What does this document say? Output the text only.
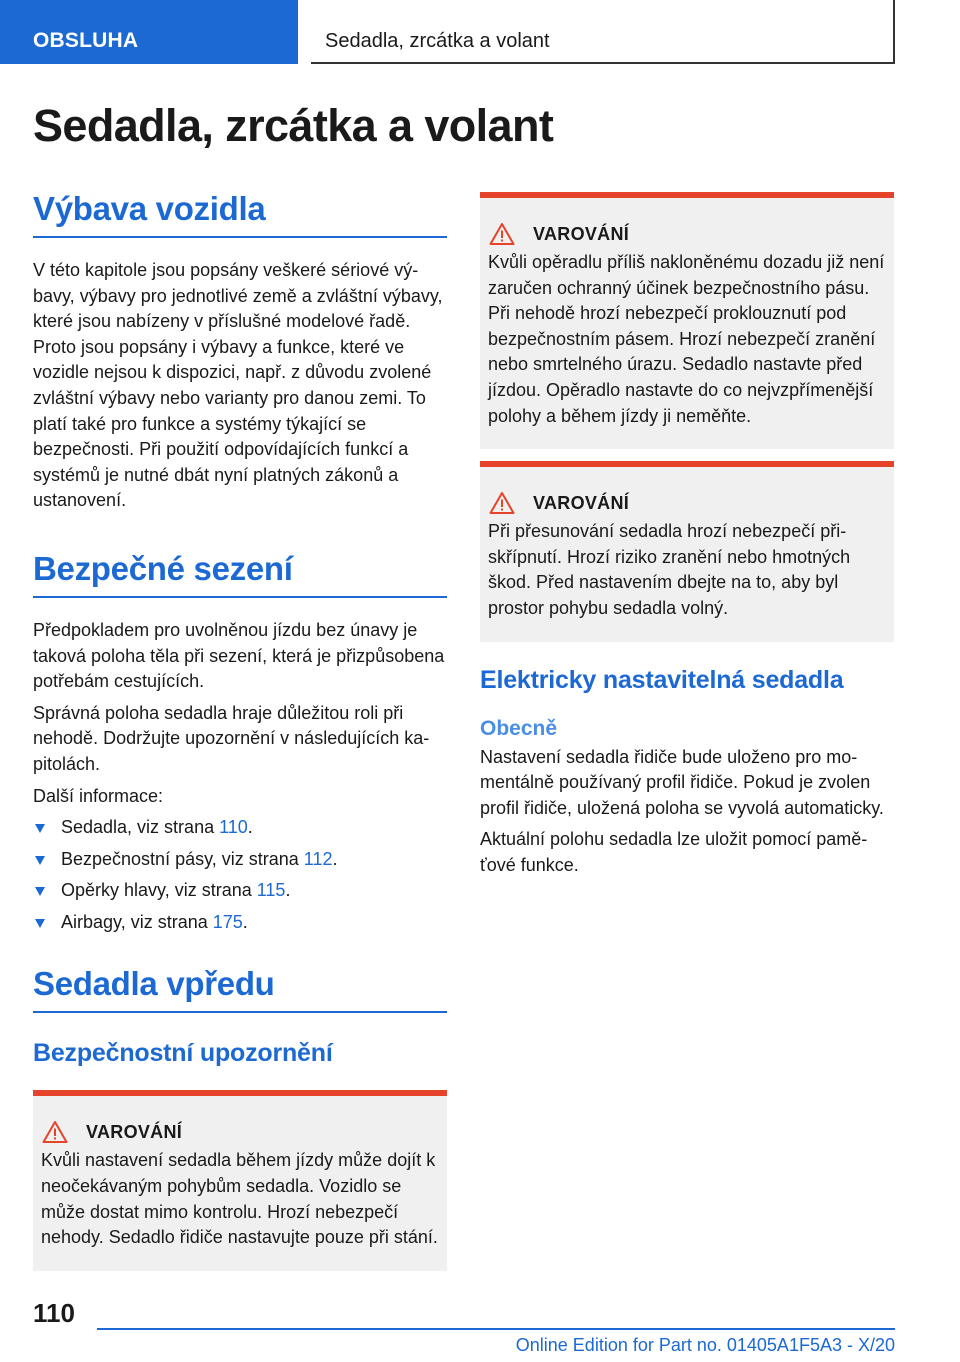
OBSLUHA	Sedadla, zrcátka a volant
Sedadla, zrcátka a volant
Výbava vozidla

V této kapitole jsou popsány veškeré sériové výbavy, výbavy pro jednotlivé země a zvláštní výbavy, které jsou nabízeny v příslušné modelové řadě. Proto jsou popsány i výbavy a funkce, které ve vozidle nejsou k dispozici, např. z důvodu zvolené zvláštní výbavy nebo varianty pro danou zemi. To platí také pro funkce a systémy týkající se bezpečnosti. Při použití odpovídajících funkcí a systémů je nutné dbát nyní platných zákonů a ustanovení.

Bezpečné sezení

Předpokladem pro uvolněnou jízdu bez únavy je taková poloha těla při sezení, která je přizpůsobena potřebám cestujících.

Správná poloha sedadla hraje důležitou roli při nehodě. Dodržujte upozornění v následujících kapitolách.

Další informace:

Sedadla, viz strana 110.
Bezpečnostní pásy, viz strana 112.
Opěrky hlavy, viz strana 115.
Airbagy, viz strana 175.
Sedadla vpředu
Bezpečnostní upozornění
VAROVÁNÍ

Kvůli nastavení sedadla během jízdy může dojít k neočekávaným pohybům sedadla. Vozidlo se může dostat mimo kontrolu. Hrozí nebezpečí nehody. Sedadlo řidiče nastavujte pouze při stání.

VAROVÁNÍ

Kvůli opěradlu příliš nakloněnému dozadu již není zaručen ochranný účinek bezpečnostního pásu. Při nehodě hrozí nebezpečí proklouznutí pod bezpečnostním pásem. Hrozí nebezpečí zranění nebo smrtelného úrazu. Sedadlo nastavte před jízdou. Opěradlo nastavte do co nejvzpřímenější polohy a během jízdy ji neměňte.

VAROVÁNÍ

Při přesunování sedadla hrozí nebezpečí přiskřípnutí. Hrozí riziko zranění nebo hmotných škod. Před nastavením dbejte na to, aby byl prostor pohybu sedadla volný.

Elektricky nastavitelná sedadla
Obecně

Nastavení sedadla řidiče bude uloženo pro momentálně používaný profil řidiče. Pokud je zvolen profil řidiče, uložená poloha se vyvolá automaticky.

Aktuální polohu sedadla lze uložit pomocí paměťové funkce.

110
Online Edition for Part no. 01405A1F5A3 - X/20
